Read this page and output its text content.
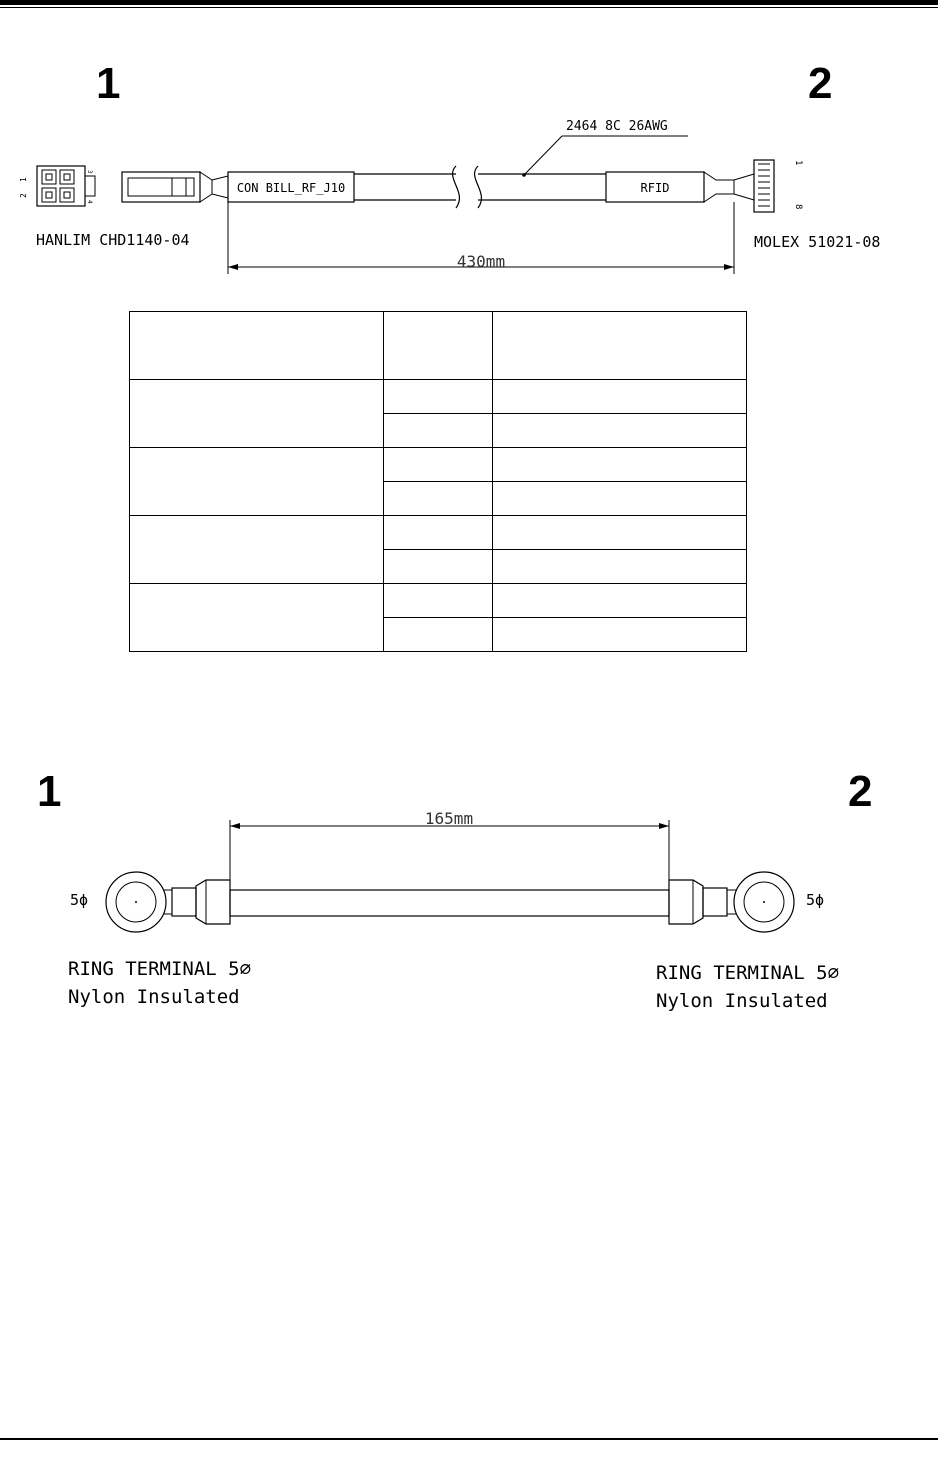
1	2
2
1
3
4
CON BILL_RF_J10
2464 8C 26AWG
RFID
1
8
430mm
HANLIM CHD1140-04	MOLEX 51021-08

1	2
165mm
5ϕ	5ϕ
RING TERMINAL 5∅
Nylon Insulated
RING TERMINAL 5∅
Nylon Insulated
